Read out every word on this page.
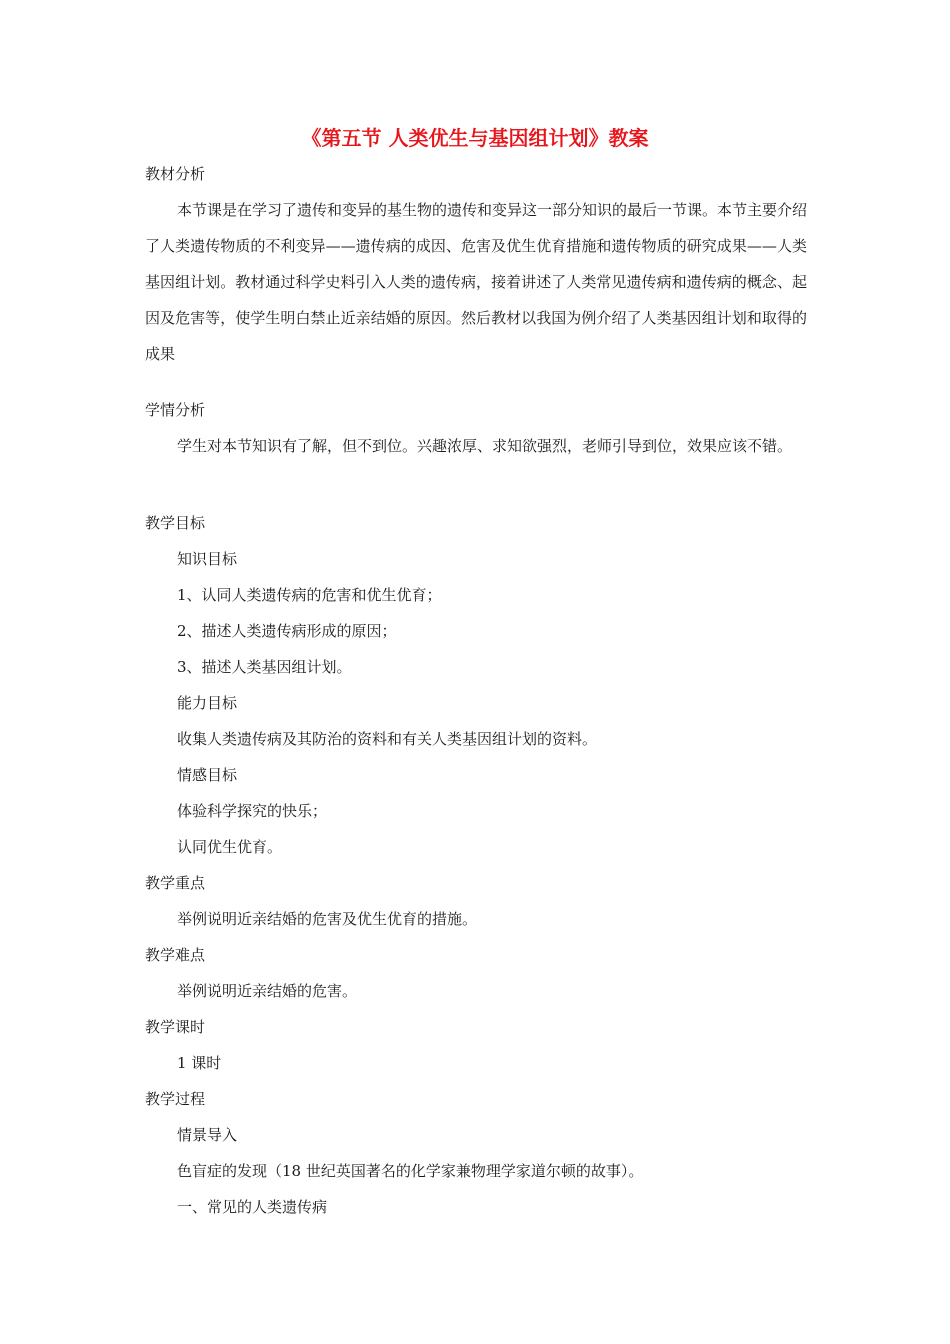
《第五节 人类优生与基因组计划》教案
教材分析
本节课是在学习了遗传和变异的基生物的遗传和变异这一部分知识的最后一节课。本节主要介绍了人类遗传物质的不利变异——遗传病的成因、危害及优生优育措施和遗传物质的研究成果——人类基因组计划。教材通过科学史料引入人类的遗传病，接着讲述了人类常见遗传病和遗传病的概念、起因及危害等，使学生明白禁止近亲结婚的原因。然后教材以我国为例介绍了人类基因组计划和取得的成果
学情分析
学生对本节知识有了解，但不到位。兴趣浓厚、求知欲强烈，老师引导到位，效果应该不错。
教学目标
知识目标
1、认同人类遗传病的危害和优生优育；
2、描述人类遗传病形成的原因；
3、描述人类基因组计划。
能力目标
收集人类遗传病及其防治的资料和有关人类基因组计划的资料。
情感目标
体验科学探究的快乐；
认同优生优育。
教学重点
举例说明近亲结婚的危害及优生优育的措施。
教学难点
举例说明近亲结婚的危害。
教学课时
1 课时
教学过程
情景导入
色盲症的发现（18 世纪英国著名的化学家兼物理学家道尔顿的故事）。
一、常见的人类遗传病
